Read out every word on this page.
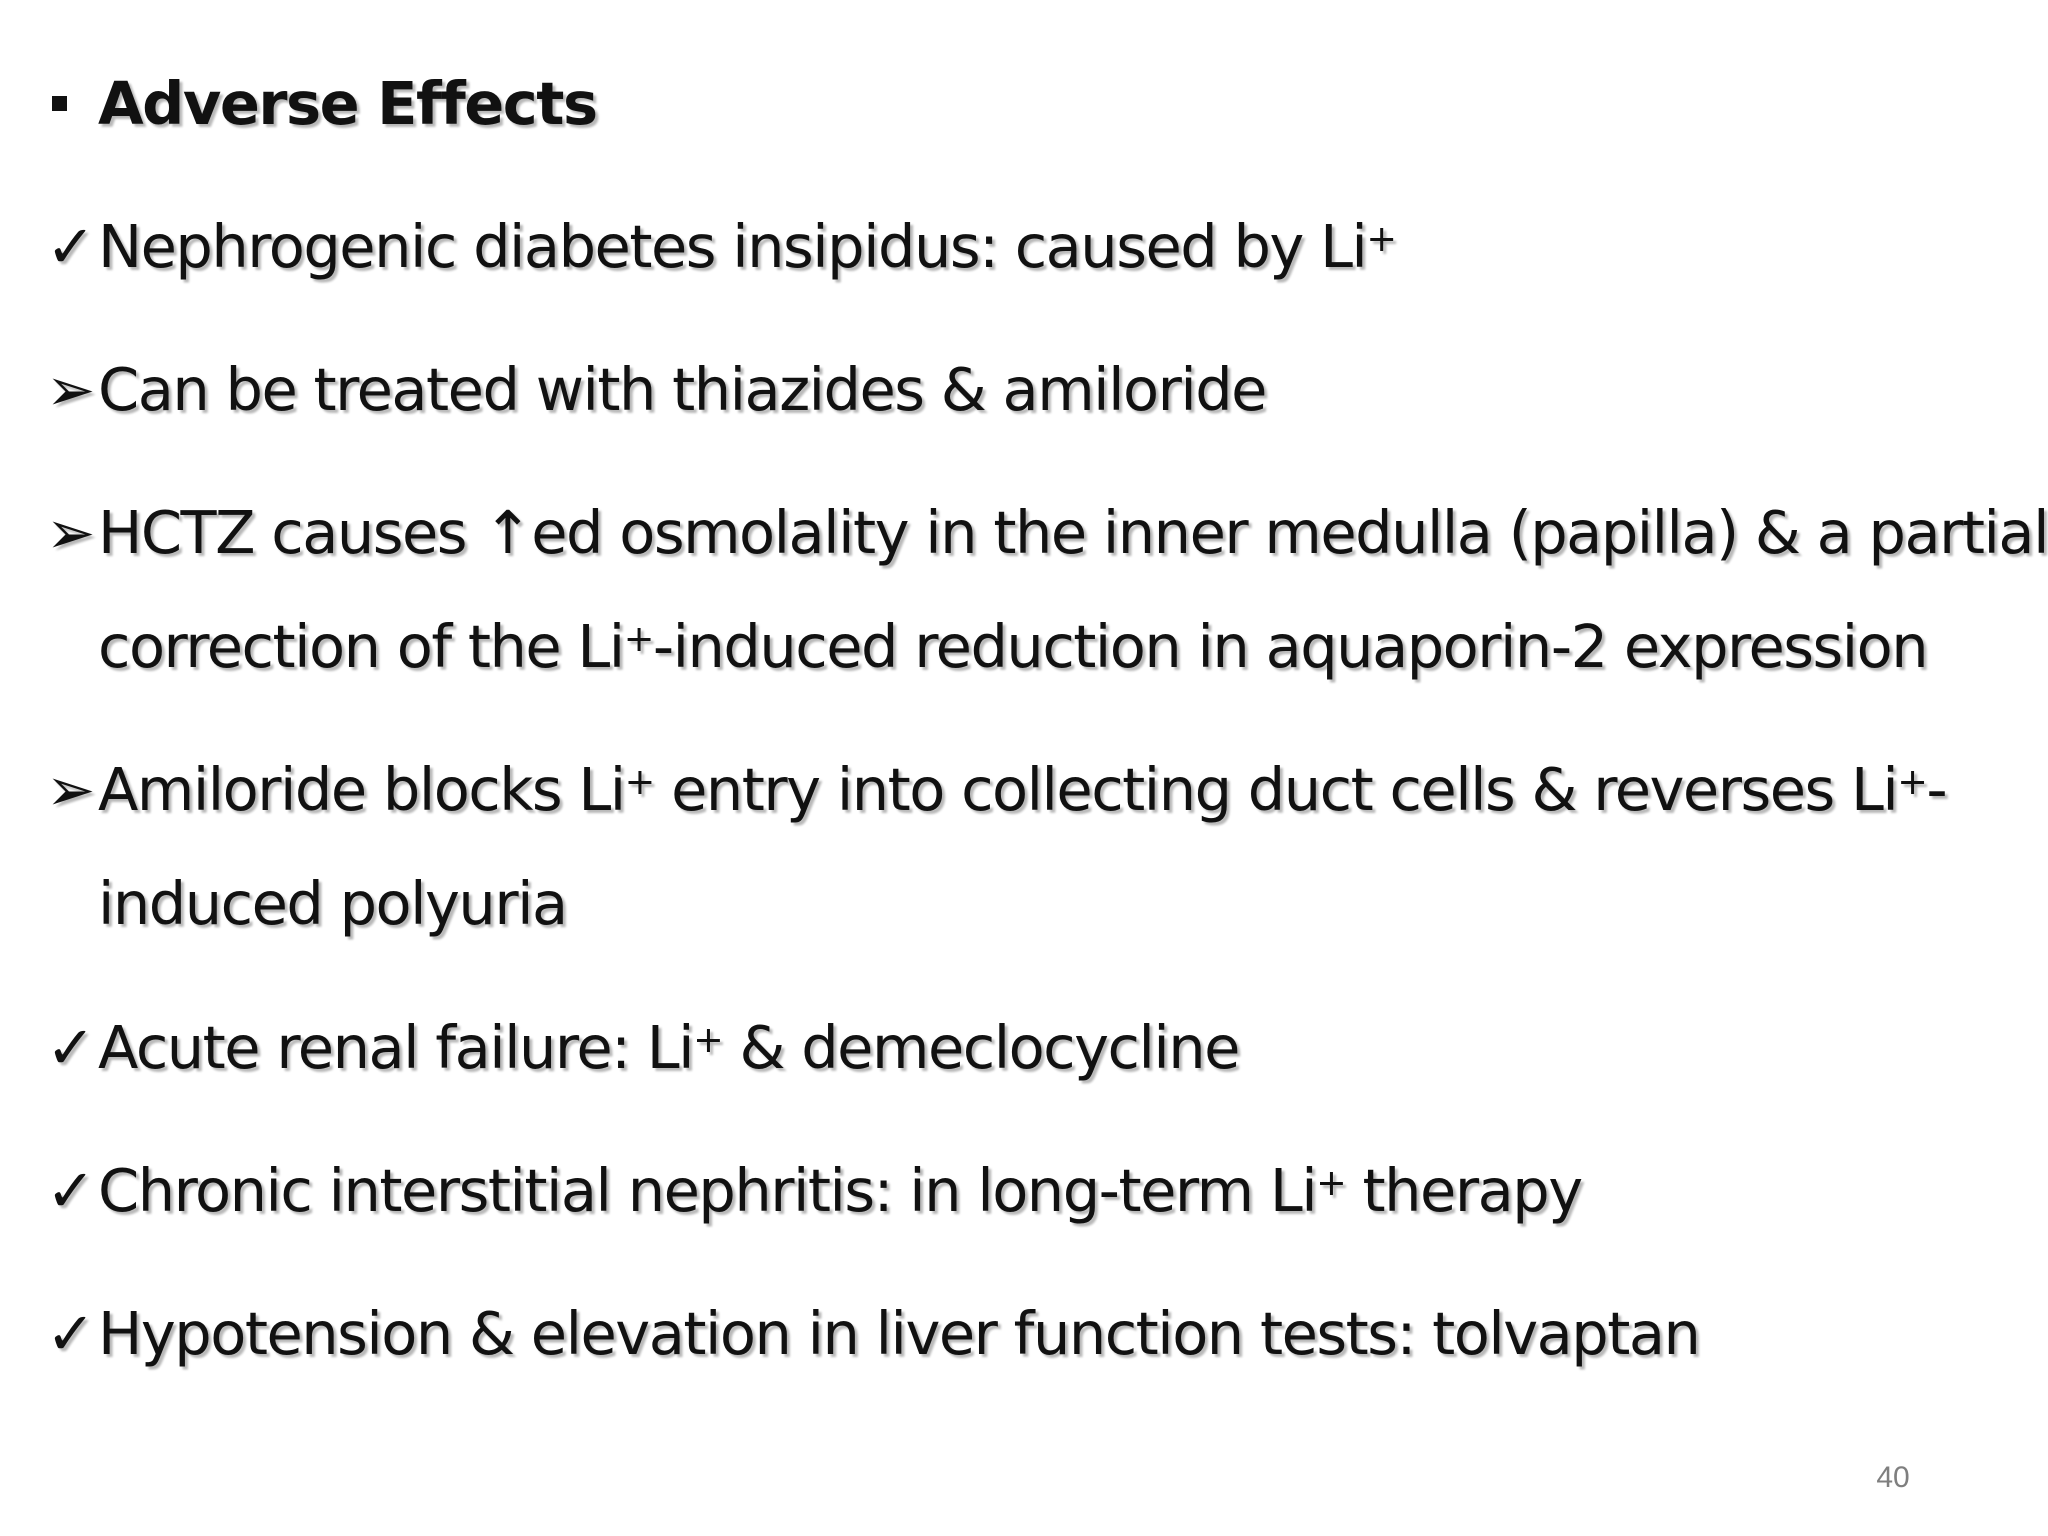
Adverse Effects
✓ Nephrogenic diabetes insipidus: caused by Li+
➢ Can be treated with thiazides & amiloride
➢ HCTZ causes ↑ed osmolality in the inner medulla (papilla) & a partial
correction of the Li+-induced reduction in aquaporin-2 expression
➢ Amiloride blocks Li+ entry into collecting duct cells & reverses Li+-
induced polyuria
✓ Acute renal failure: Li+ & demeclocycline
✓ Chronic interstitial nephritis: in long-term Li+ therapy
✓ Hypotension & elevation in liver function tests: tolvaptan
40
